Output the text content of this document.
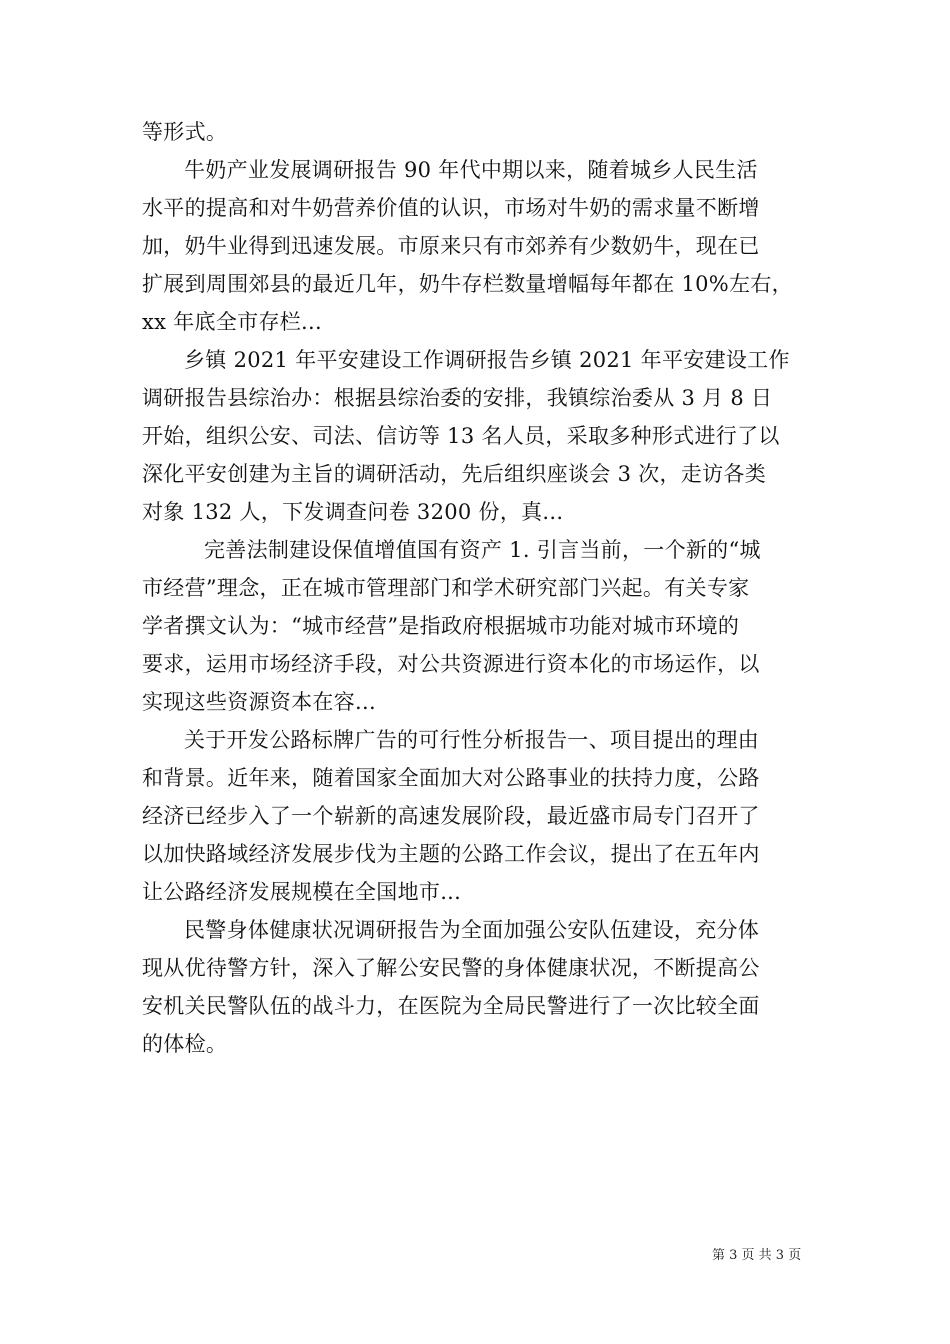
等形式。
牛奶产业发展调研报告 90 年代中期以来，随着城乡人民生活
水平的提高和对牛奶营养价值的认识，市场对牛奶的需求量不断增
加，奶牛业得到迅速发展。市原来只有市郊养有少数奶牛，现在已
扩展到周围郊县的最近几年，奶牛存栏数量增幅每年都在 10%左右，
xx 年底全市存栏...
乡镇 2021 年平安建设工作调研报告乡镇 2021 年平安建设工作
调研报告县综治办：根据县综治委的安排，我镇综治委从 3 月 8 日
开始，组织公安、司法、信访等 13 名人员，采取多种形式进行了以
深化平安创建为主旨的调研活动，先后组织座谈会 3 次，走访各类
对象 132 人，下发调查问卷 3200 份，真...
完善法制建设保值增值国有资产 1. 引言当前，一个新的“城
市经营”理念，正在城市管理部门和学术研究部门兴起。有关专家
学者撰文认为：“城市经营”是指政府根据城市功能对城市环境的
要求，运用市场经济手段，对公共资源进行资本化的市场运作，以
实现这些资源资本在容...
关于开发公路标牌广告的可行性分析报告一、项目提出的理由
和背景。近年来，随着国家全面加大对公路事业的扶持力度，公路
经济已经步入了一个崭新的高速发展阶段，最近盛市局专门召开了
以加快路域经济发展步伐为主题的公路工作会议，提出了在五年内
让公路经济发展规模在全国地市...
民警身体健康状况调研报告为全面加强公安队伍建设，充分体
现从优待警方针，深入了解公安民警的身体健康状况，不断提高公
安机关民警队伍的战斗力，在医院为全局民警进行了一次比较全面
的体检。
第 3 页 共 3 页
